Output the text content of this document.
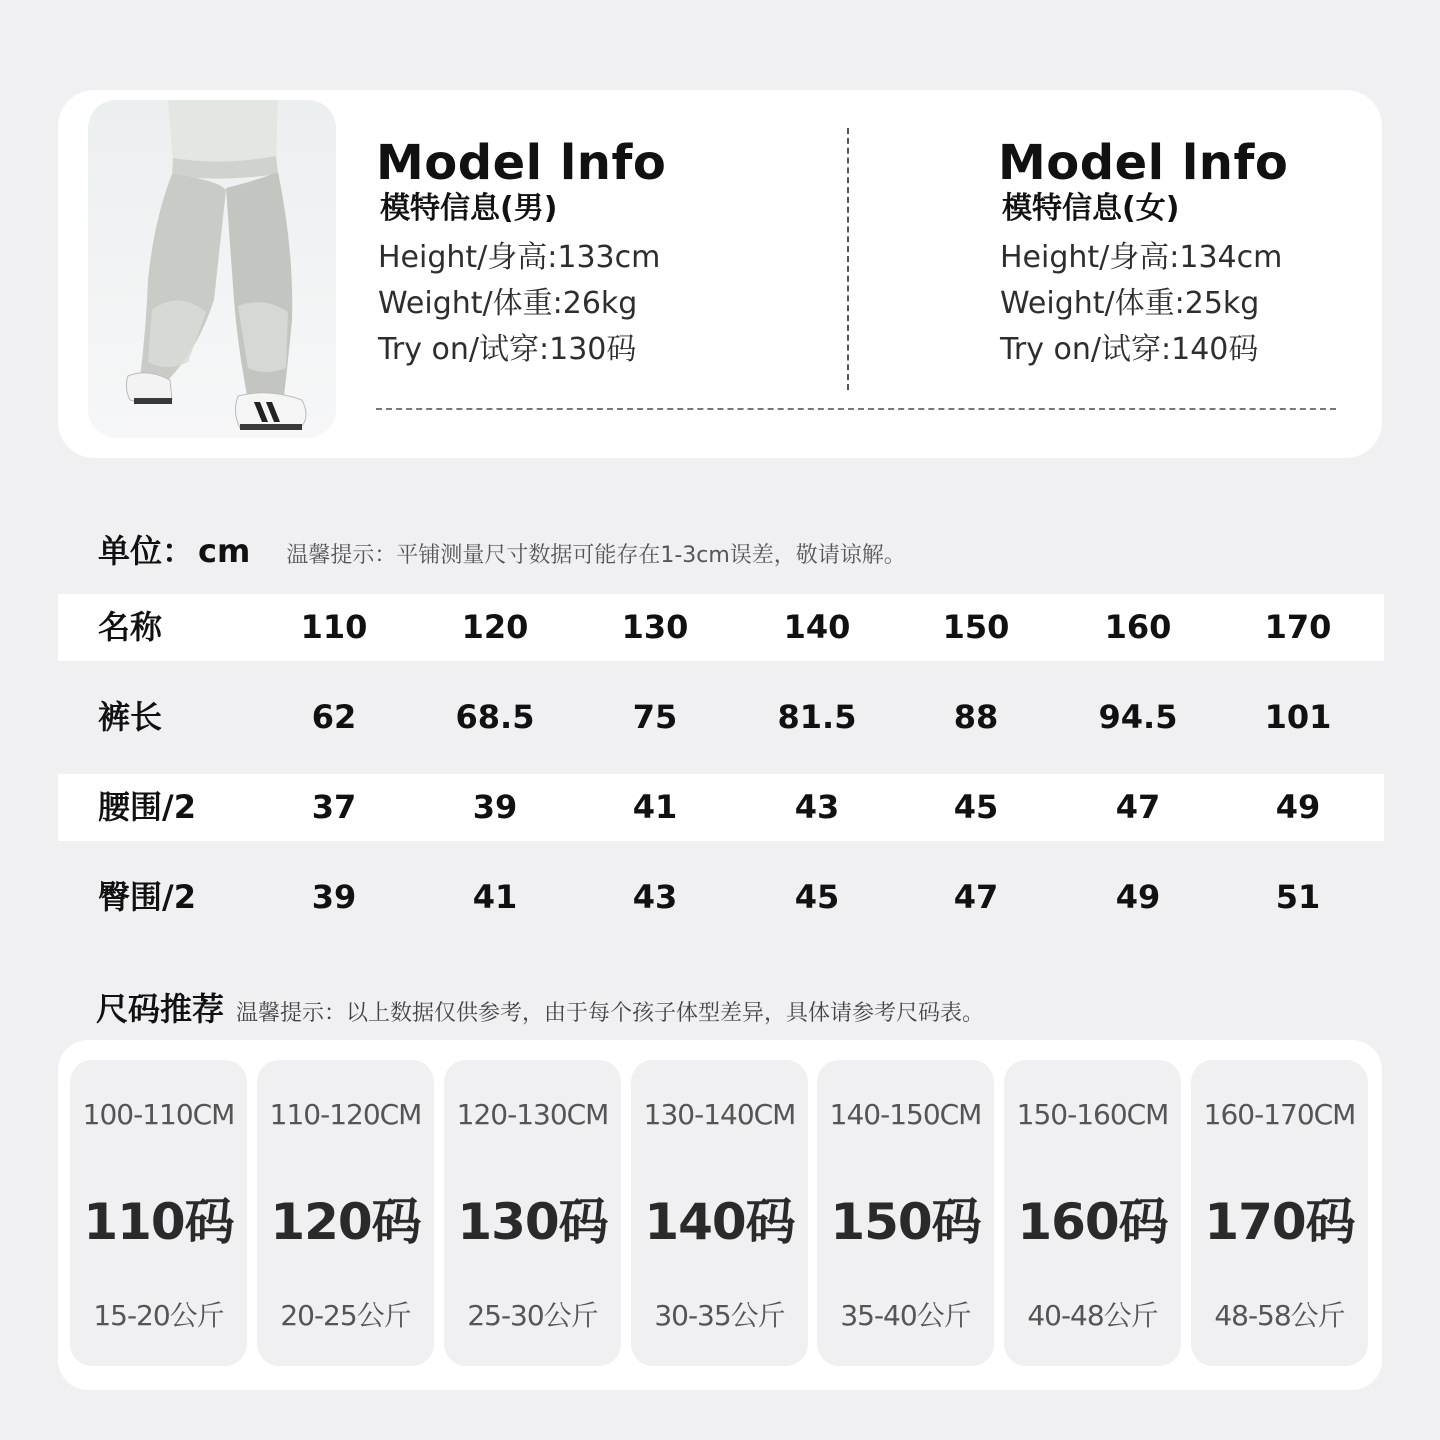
Model lnfo
模特信息(男)
Height/身高:133cm
Weight/体重:26kg
Try on/试穿:130码
Model lnfo
模特信息(女)
Height/身高:134cm
Weight/体重:25kg
Try on/试穿:140码
单位： cm 温馨提示：平铺测量尺寸数据可能存在1-3cm误差，敬请谅解。
名称	110	120	130	140	150	160	170
裤长	62	68.5	75	81.5	88	94.5	101
腰围/2	37	39	41	43	45	47	49
臀围/2	39	41	43	45	47	49	51
尺码推荐 温馨提示：以上数据仅供参考，由于每个孩子体型差异，具体请参考尺码表。
100-110CM
110码
15-20公斤
110-120CM
120码
20-25公斤
120-130CM
130码
25-30公斤
130-140CM
140码
30-35公斤
140-150CM
150码
35-40公斤
150-160CM
160码
40-48公斤
160-170CM
170码
48-58公斤
